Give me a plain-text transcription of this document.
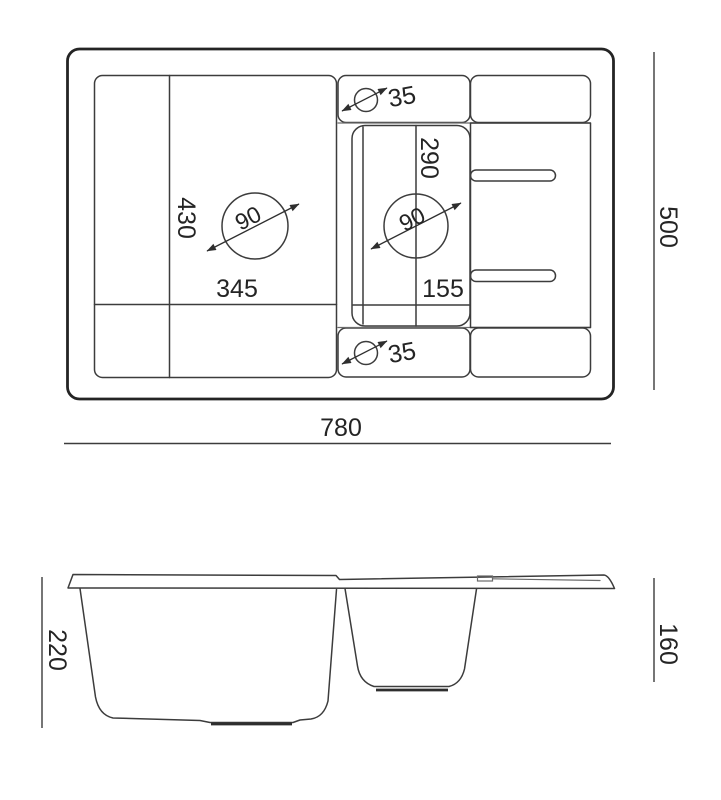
430
345
290
155
90	90
35
35
500
780
220	160
